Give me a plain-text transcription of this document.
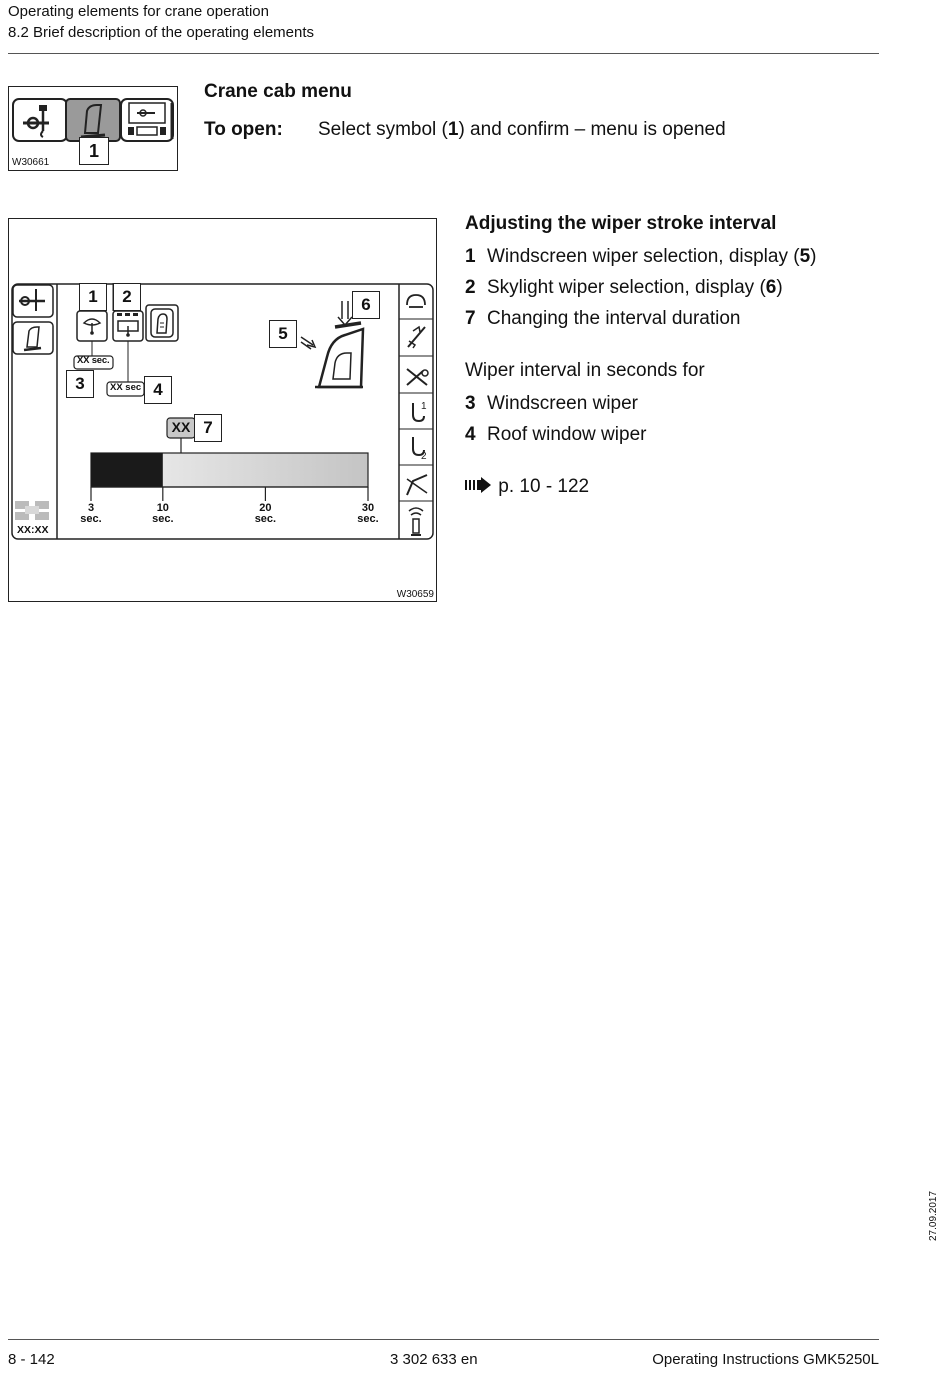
Operating elements for crane operation
8.2 Brief description of the operating elements
1
W30661
Crane cab menu
To open: Select symbol (1) and confirm – menu is opened
1
2
XX sec.
XX sec
XX
XX:XX
1	2
3	4
5
6
7
3
sec.
10
sec.
20
sec.
30
sec.
W30659
Adjusting the wiper stroke interval
1 Windscreen wiper selection, display (5)
2 Skylight wiper selection, display (6)
7 Changing the interval duration
Wiper interval in seconds for
3 Windscreen wiper
4 Roof window wiper
p. 10 - 122
27.09.2017
8 - 142	3 302 633 en	Operating Instructions GMK5250L
